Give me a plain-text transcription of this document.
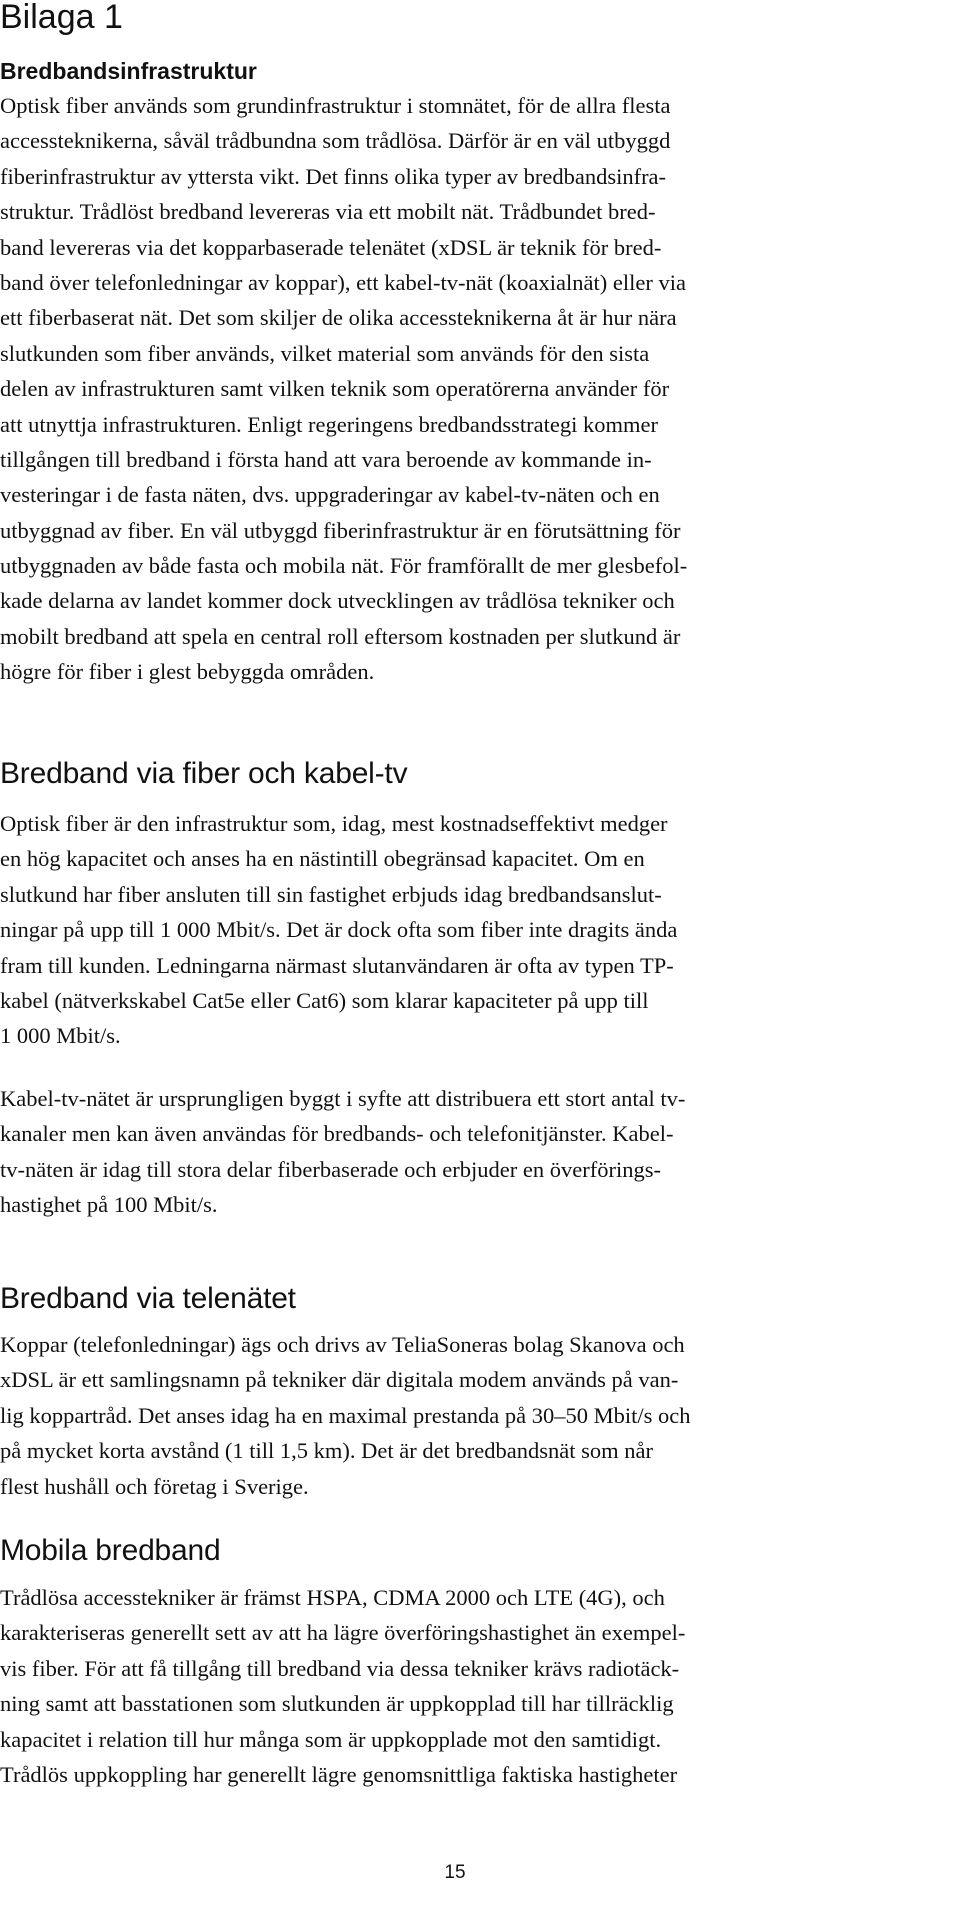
Bilaga 1
Bredbandsinfrastruktur
Optisk fiber används som grundinfrastruktur i stomnätet, för de allra flesta
accessteknikerna, såväl trådbundna som trådlösa. Därför är en väl utbyggd
fiberinfrastruktur av yttersta vikt. Det finns olika typer av bredbandsinfra-
struktur. Trådlöst bredband levereras via ett mobilt nät. Trådbundet bred-
band levereras via det kopparbaserade telenätet (xDSL är teknik för bred-
band över telefonledningar av koppar), ett kabel-tv-nät (koaxialnät) eller via
ett fiberbaserat nät. Det som skiljer de olika accessteknikerna åt är hur nära
slutkunden som fiber används, vilket material som används för den sista
delen av infrastrukturen samt vilken teknik som operatörerna använder för
att utnyttja infrastrukturen. Enligt regeringens bredbandsstrategi kommer
tillgången till bredband i första hand att vara beroende av kommande in-
vesteringar i de fasta näten, dvs. uppgraderingar av kabel-tv-näten och en
utbyggnad av fiber. En väl utbyggd fiberinfrastruktur är en förutsättning för
utbyggnaden av både fasta och mobila nät. För framförallt de mer glesbefol-
kade delarna av landet kommer dock utvecklingen av trådlösa tekniker och
mobilt bredband att spela en central roll eftersom kostnaden per slutkund är
högre för fiber i glest bebyggda områden.
Bredband via fiber och kabel-tv
Optisk fiber är den infrastruktur som, idag, mest kostnadseffektivt medger
en hög kapacitet och anses ha en nästintill obegränsad kapacitet. Om en
slutkund har fiber ansluten till sin fastighet erbjuds idag bredbandsanslut-
ningar på upp till 1 000 Mbit/s. Det är dock ofta som fiber inte dragits ända
fram till kunden. Ledningarna närmast slutanvändaren är ofta av typen TP-
kabel (nätverkskabel Cat5e eller Cat6) som klarar kapaciteter på upp till
1 000 Mbit/s.
Kabel-tv-nätet är ursprungligen byggt i syfte att distribuera ett stort antal tv-
kanaler men kan även användas för bredbands- och telefonitjänster. Kabel-
tv-näten är idag till stora delar fiberbaserade och erbjuder en överförings-
hastighet på 100 Mbit/s.
Bredband via telenätet
Koppar (telefonledningar) ägs och drivs av TeliaSoneras bolag Skanova och
xDSL är ett samlingsnamn på tekniker där digitala modem används på van-
lig koppartråd. Det anses idag ha en maximal prestanda på 30–50 Mbit/s och
på mycket korta avstånd (1 till 1,5 km). Det är det bredbandsnät som når
flest hushåll och företag i Sverige.
Mobila bredband
Trådlösa accesstekniker är främst HSPA, CDMA 2000 och LTE (4G), och
karakteriseras generellt sett av att ha lägre överföringshastighet än exempel-
vis fiber. För att få tillgång till bredband via dessa tekniker krävs radiotäck-
ning samt att basstationen som slutkunden är uppkopplad till har tillräcklig
kapacitet i relation till hur många som är uppkopplade mot den samtidigt.
Trådlös uppkoppling har generellt lägre genomsnittliga faktiska hastigheter
15
